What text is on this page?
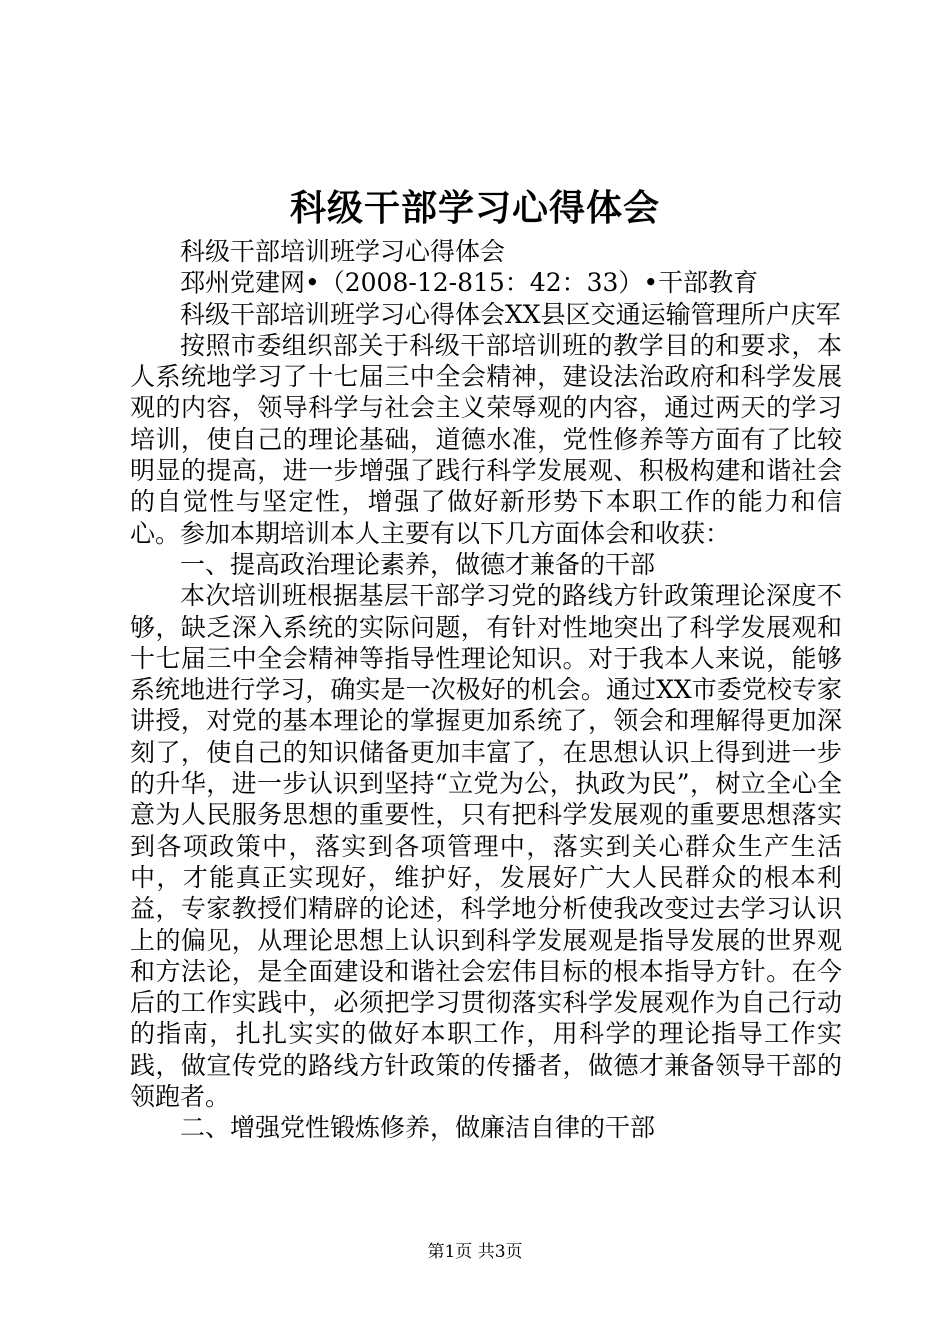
科级干部学习心得体会

科级干部培训班学习心得体会

邳州党建网•（2008-12-815：42：33）•干部教育

科级干部培训班学习心得体会XX县区交通运输管理所户庆军

按照市委组织部关于科级干部培训班的教学目的和要求，本人系统地学习了十七届三中全会精神，建设法治政府和科学发展观的内容，领导科学与社会主义荣辱观的内容，通过两天的学习培训，使自己的理论基础，道德水准，党性修养等方面有了比较明显的提高，进一步增强了践行科学发展观、积极构建和谐社会的自觉性与坚定性，增强了做好新形势下本职工作的能力和信心。参加本期培训本人主要有以下几方面体会和收获：

一、提高政治理论素养，做德才兼备的干部

本次培训班根据基层干部学习党的路线方针政策理论深度不够，缺乏深入系统的实际问题，有针对性地突出了科学发展观和十七届三中全会精神等指导性理论知识。对于我本人来说，能够系统地进行学习，确实是一次极好的机会。通过XX市委党校专家讲授，对党的基本理论的掌握更加系统了，领会和理解得更加深刻了，使自己的知识储备更加丰富了，在思想认识上得到进一步的升华，进一步认识到坚持“立党为公，执政为民”，树立全心全意为人民服务思想的重要性，只有把科学发展观的重要思想落实到各项政策中，落实到各项管理中，落实到关心群众生产生活中，才能真正实现好，维护好，发展好广大人民群众的根本利益，专家教授们精辟的论述，科学地分析使我改变过去学习认识上的偏见，从理论思想上认识到科学发展观是指导发展的世界观和方法论，是全面建设和谐社会宏伟目标的根本指导方针。在今后的工作实践中，必须把学习贯彻落实科学发展观作为自己行动的指南，扎扎实实的做好本职工作，用科学的理论指导工作实践，做宣传党的路线方针政策的传播者，做德才兼备领导干部的领跑者。

二、增强党性锻炼修养，做廉洁自律的干部

第1页 共3页
